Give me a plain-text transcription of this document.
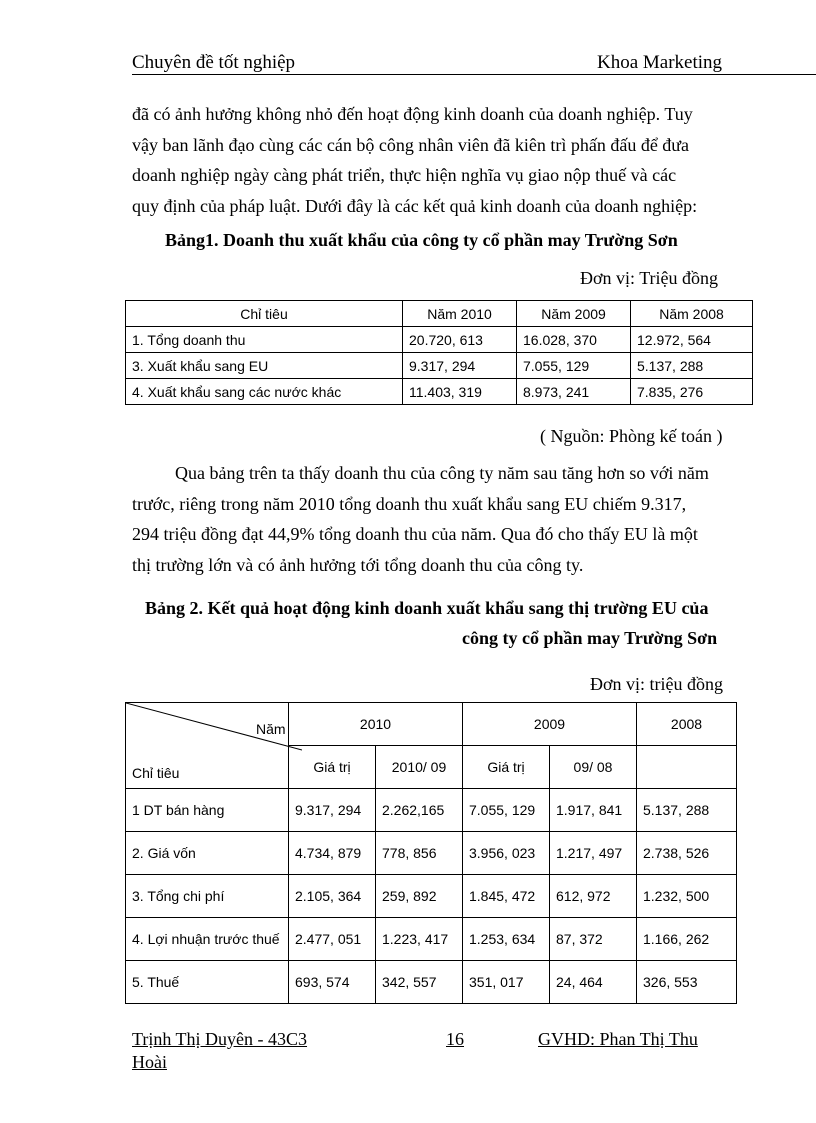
Chuyên đề tốt nghiệp	Khoa Marketing

đã có ảnh hưởng không nhỏ đến hoạt động kinh doanh của doanh nghiệp. Tuy

vậy ban lãnh đạo cùng các cán bộ công nhân viên đã kiên trì phấn đấu để đưa

doanh nghiệp ngày càng phát triển, thực hiện nghĩa vụ giao nộp thuế và các

quy định của pháp luật. Dưới đây là các kết quả kinh doanh của doanh nghiệp:

Bảng1. Doanh thu xuất khẩu của công ty cổ phần may Trường Sơn
Đơn vị: Triệu đồng
Chỉ tiêu	Năm 2010	Năm 2009	Năm 2008
1. Tổng doanh thu	20.720, 613	16.028, 370	12.972, 564
3. Xuất khẩu sang EU	9.317, 294	7.055, 129	5.137, 288
4. Xuất khẩu sang các nước khác	11.403, 319	8.973, 241	7.835, 276
( Nguồn: Phòng kế toán )

Qua bảng trên ta thấy doanh thu của công ty năm sau tăng hơn so với năm

trước, riêng trong năm 2010 tổng doanh thu xuất khẩu sang EU chiếm 9.317,

294 triệu đồng đạt 44,9% tổng doanh thu của năm. Qua đó cho thấy EU là một

thị trường lớn và có ảnh hưởng tới tổng doanh thu của công ty.

Bảng 2. Kết quả hoạt động kinh doanh xuất khẩu sang thị trường EU của
công ty cổ phần may Trường Sơn
Đơn vị: triệu đồng
Năm
Chỉ tiêu	2010		2009		2008
	Giá trị	2010/ 09	Giá trị	09/ 08	
1 DT bán hàng	9.317, 294	2.262,165	7.055, 129	1.917, 841	5.137, 288
2. Giá vốn	4.734, 879	778, 856	3.956, 023	1.217, 497	2.738, 526
3. Tổng chi phí	2.105, 364	259, 892	1.845, 472	612, 972	1.232, 500
4. Lợi nhuận trước thuế	2.477, 051	1.223, 417	1.253, 634	87, 372	1.166, 262
5. Thuế	693, 574	342, 557	351, 017	24, 464	326, 553
Trịnh Thị Duyên - 43C3	16	GVHD: Phan Thị Thu
Hoài
